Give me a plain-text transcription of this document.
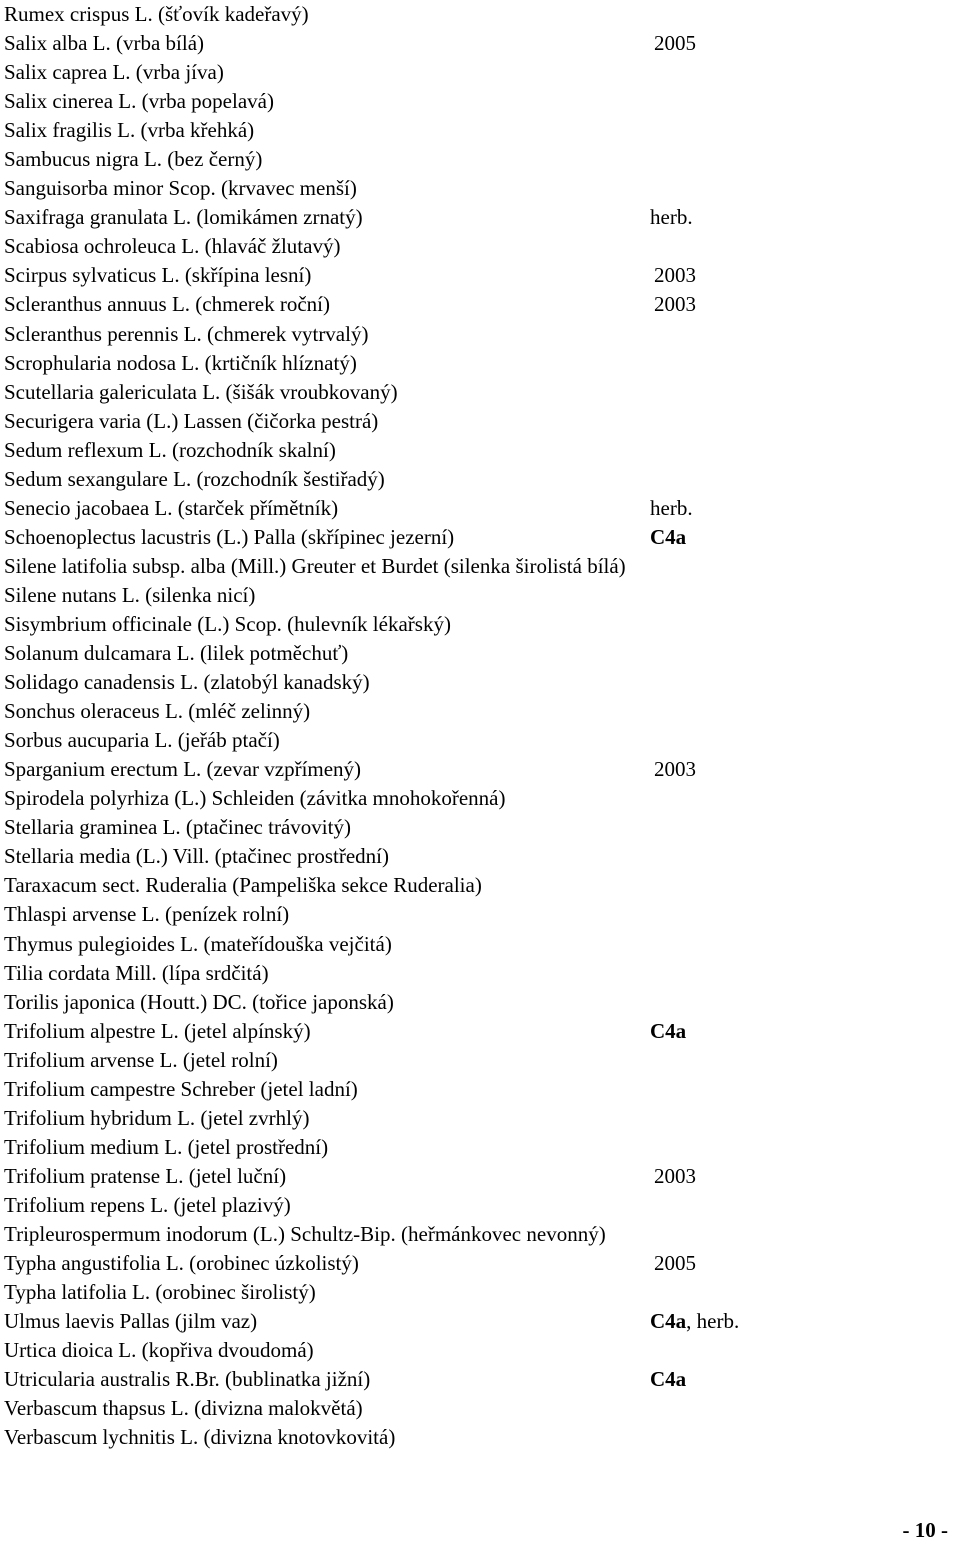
Rumex crispus L. (šťovík kadeřavý)
Salix alba L. (vrba bílá)	2005
Salix caprea L. (vrba jíva)
Salix cinerea L. (vrba popelavá)
Salix fragilis L. (vrba křehká)
Sambucus nigra L. (bez černý)
Sanguisorba minor Scop. (krvavec menší)
Saxifraga granulata L. (lomikámen zrnatý)	herb.
Scabiosa ochroleuca L. (hlaváč žlutavý)
Scirpus sylvaticus L. (skřípina lesní)	2003
Scleranthus annuus L. (chmerek roční)	2003
Scleranthus perennis L. (chmerek vytrvalý)
Scrophularia nodosa L. (krtičník hlíznatý)
Scutellaria galericulata L. (šišák vroubkovaný)
Securigera varia (L.) Lassen (čičorka pestrá)
Sedum reflexum L. (rozchodník skalní)
Sedum sexangulare L. (rozchodník šestiřadý)
Senecio jacobaea L. (starček přímětník)	herb.
Schoenoplectus lacustris (L.) Palla (skřípinec jezerní)	C4a
Silene latifolia subsp. alba (Mill.) Greuter et Burdet (silenka širolistá bílá)
Silene nutans L. (silenka nicí)
Sisymbrium officinale (L.) Scop. (hulevník lékařský)
Solanum dulcamara L. (lilek potměchuť)
Solidago canadensis L. (zlatobýl kanadský)
Sonchus oleraceus L. (mléč zelinný)
Sorbus aucuparia L. (jeřáb ptačí)
Sparganium erectum L. (zevar vzpřímený)	2003
Spirodela polyrhiza (L.) Schleiden (závitka mnohokořenná)
Stellaria graminea L. (ptačinec trávovitý)
Stellaria media (L.) Vill. (ptačinec prostřední)
Taraxacum sect. Ruderalia (Pampeliška sekce Ruderalia)
Thlaspi arvense L. (penízek rolní)
Thymus pulegioides L. (mateřídouška vejčitá)
Tilia cordata Mill. (lípa srdčitá)
Torilis japonica (Houtt.) DC. (tořice japonská)
Trifolium alpestre L. (jetel alpínský)	C4a
Trifolium arvense L. (jetel rolní)
Trifolium campestre Schreber (jetel ladní)
Trifolium hybridum L. (jetel zvrhlý)
Trifolium medium L. (jetel prostřední)
Trifolium pratense L. (jetel luční)	2003
Trifolium repens L. (jetel plazivý)
Tripleurospermum inodorum (L.) Schultz-Bip. (heřmánkovec nevonný)
Typha angustifolia L. (orobinec úzkolistý)	2005
Typha latifolia L. (orobinec širolistý)
Ulmus laevis Pallas (jilm vaz)	C4a, herb.
Urtica dioica L. (kopřiva dvoudomá)
Utricularia australis R.Br. (bublinatka jižní)	C4a
Verbascum thapsus L. (divizna malokvětá)
Verbascum lychnitis L. (divizna knotovkovitá)
- 10 -
